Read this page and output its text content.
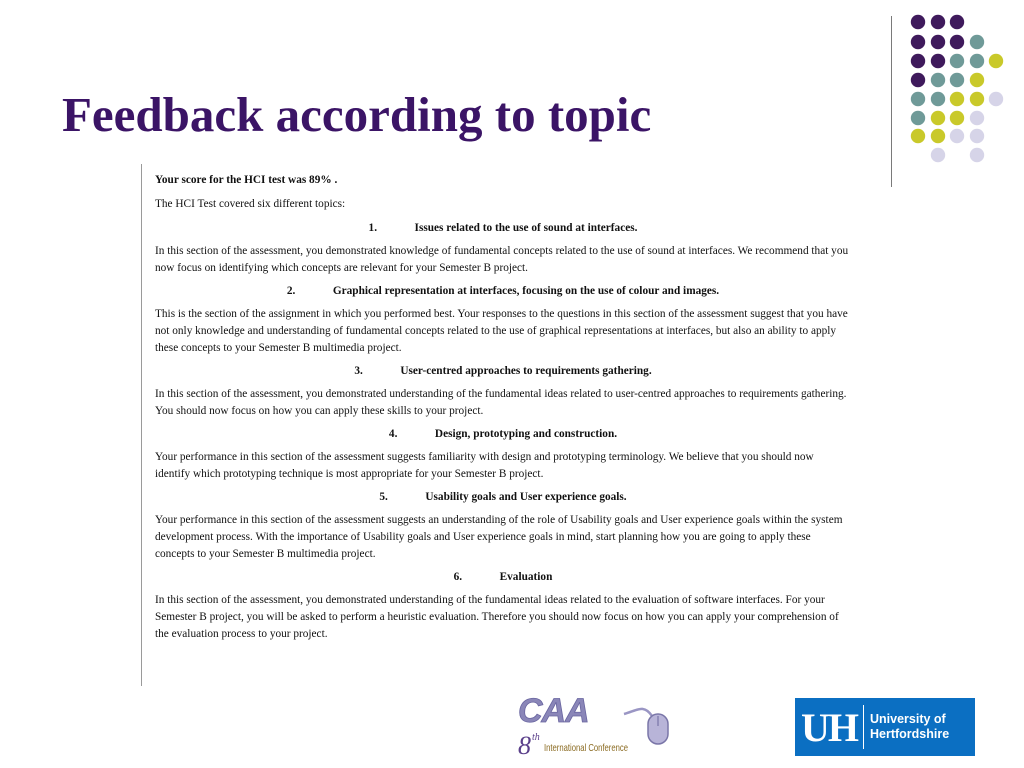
Feedback according to topic

Your score for the HCI test was 89% .

The HCI Test covered six different topics:

1.	Issues related to the use of sound at interfaces.

In this section of the assessment, you demonstrated knowledge of fundamental concepts related to the use of sound at interfaces. We recommend that you now focus on identifying which concepts are relevant for your Semester B project.

2.	Graphical representation at interfaces, focusing on the use of colour and images.

This is the section of the assignment in which you performed best. Your responses to the questions in this section of the assessment suggest that you have not only knowledge and understanding of fundamental concepts related to the use of graphical representations at interfaces, but also an ability to apply these concepts to your Semester B multimedia project.

3.	User-centred approaches to requirements gathering.

In this section of the assessment, you demonstrated understanding of the fundamental ideas related to user-centred approaches to requirements gathering. You should now focus on how you can apply these skills to your project.

4.	Design, prototyping and construction.

Your performance in this section of the assessment suggests familiarity with design and prototyping terminology. We believe that you should now identify which prototyping technique is most appropriate for your Semester B project.

5.	Usability goals and User experience goals.

Your performance in this section of the assessment suggests an understanding of the role of Usability goals and User experience goals within the system development process. With the importance of Usability goals and User experience goals in mind, start planning how you are going to apply these concepts to your Semester B multimedia project.

6.	Evaluation

In this section of the assessment, you demonstrated understanding of the fundamental ideas related to the evaluation of software interfaces. For your Semester B project, you will be asked to perform a heuristic evaluation. Therefore you should now focus on how you can apply your comprehension of the evaluation process to your project.

CAA
8 th
International Conference	UH University of
Hertfordshire
